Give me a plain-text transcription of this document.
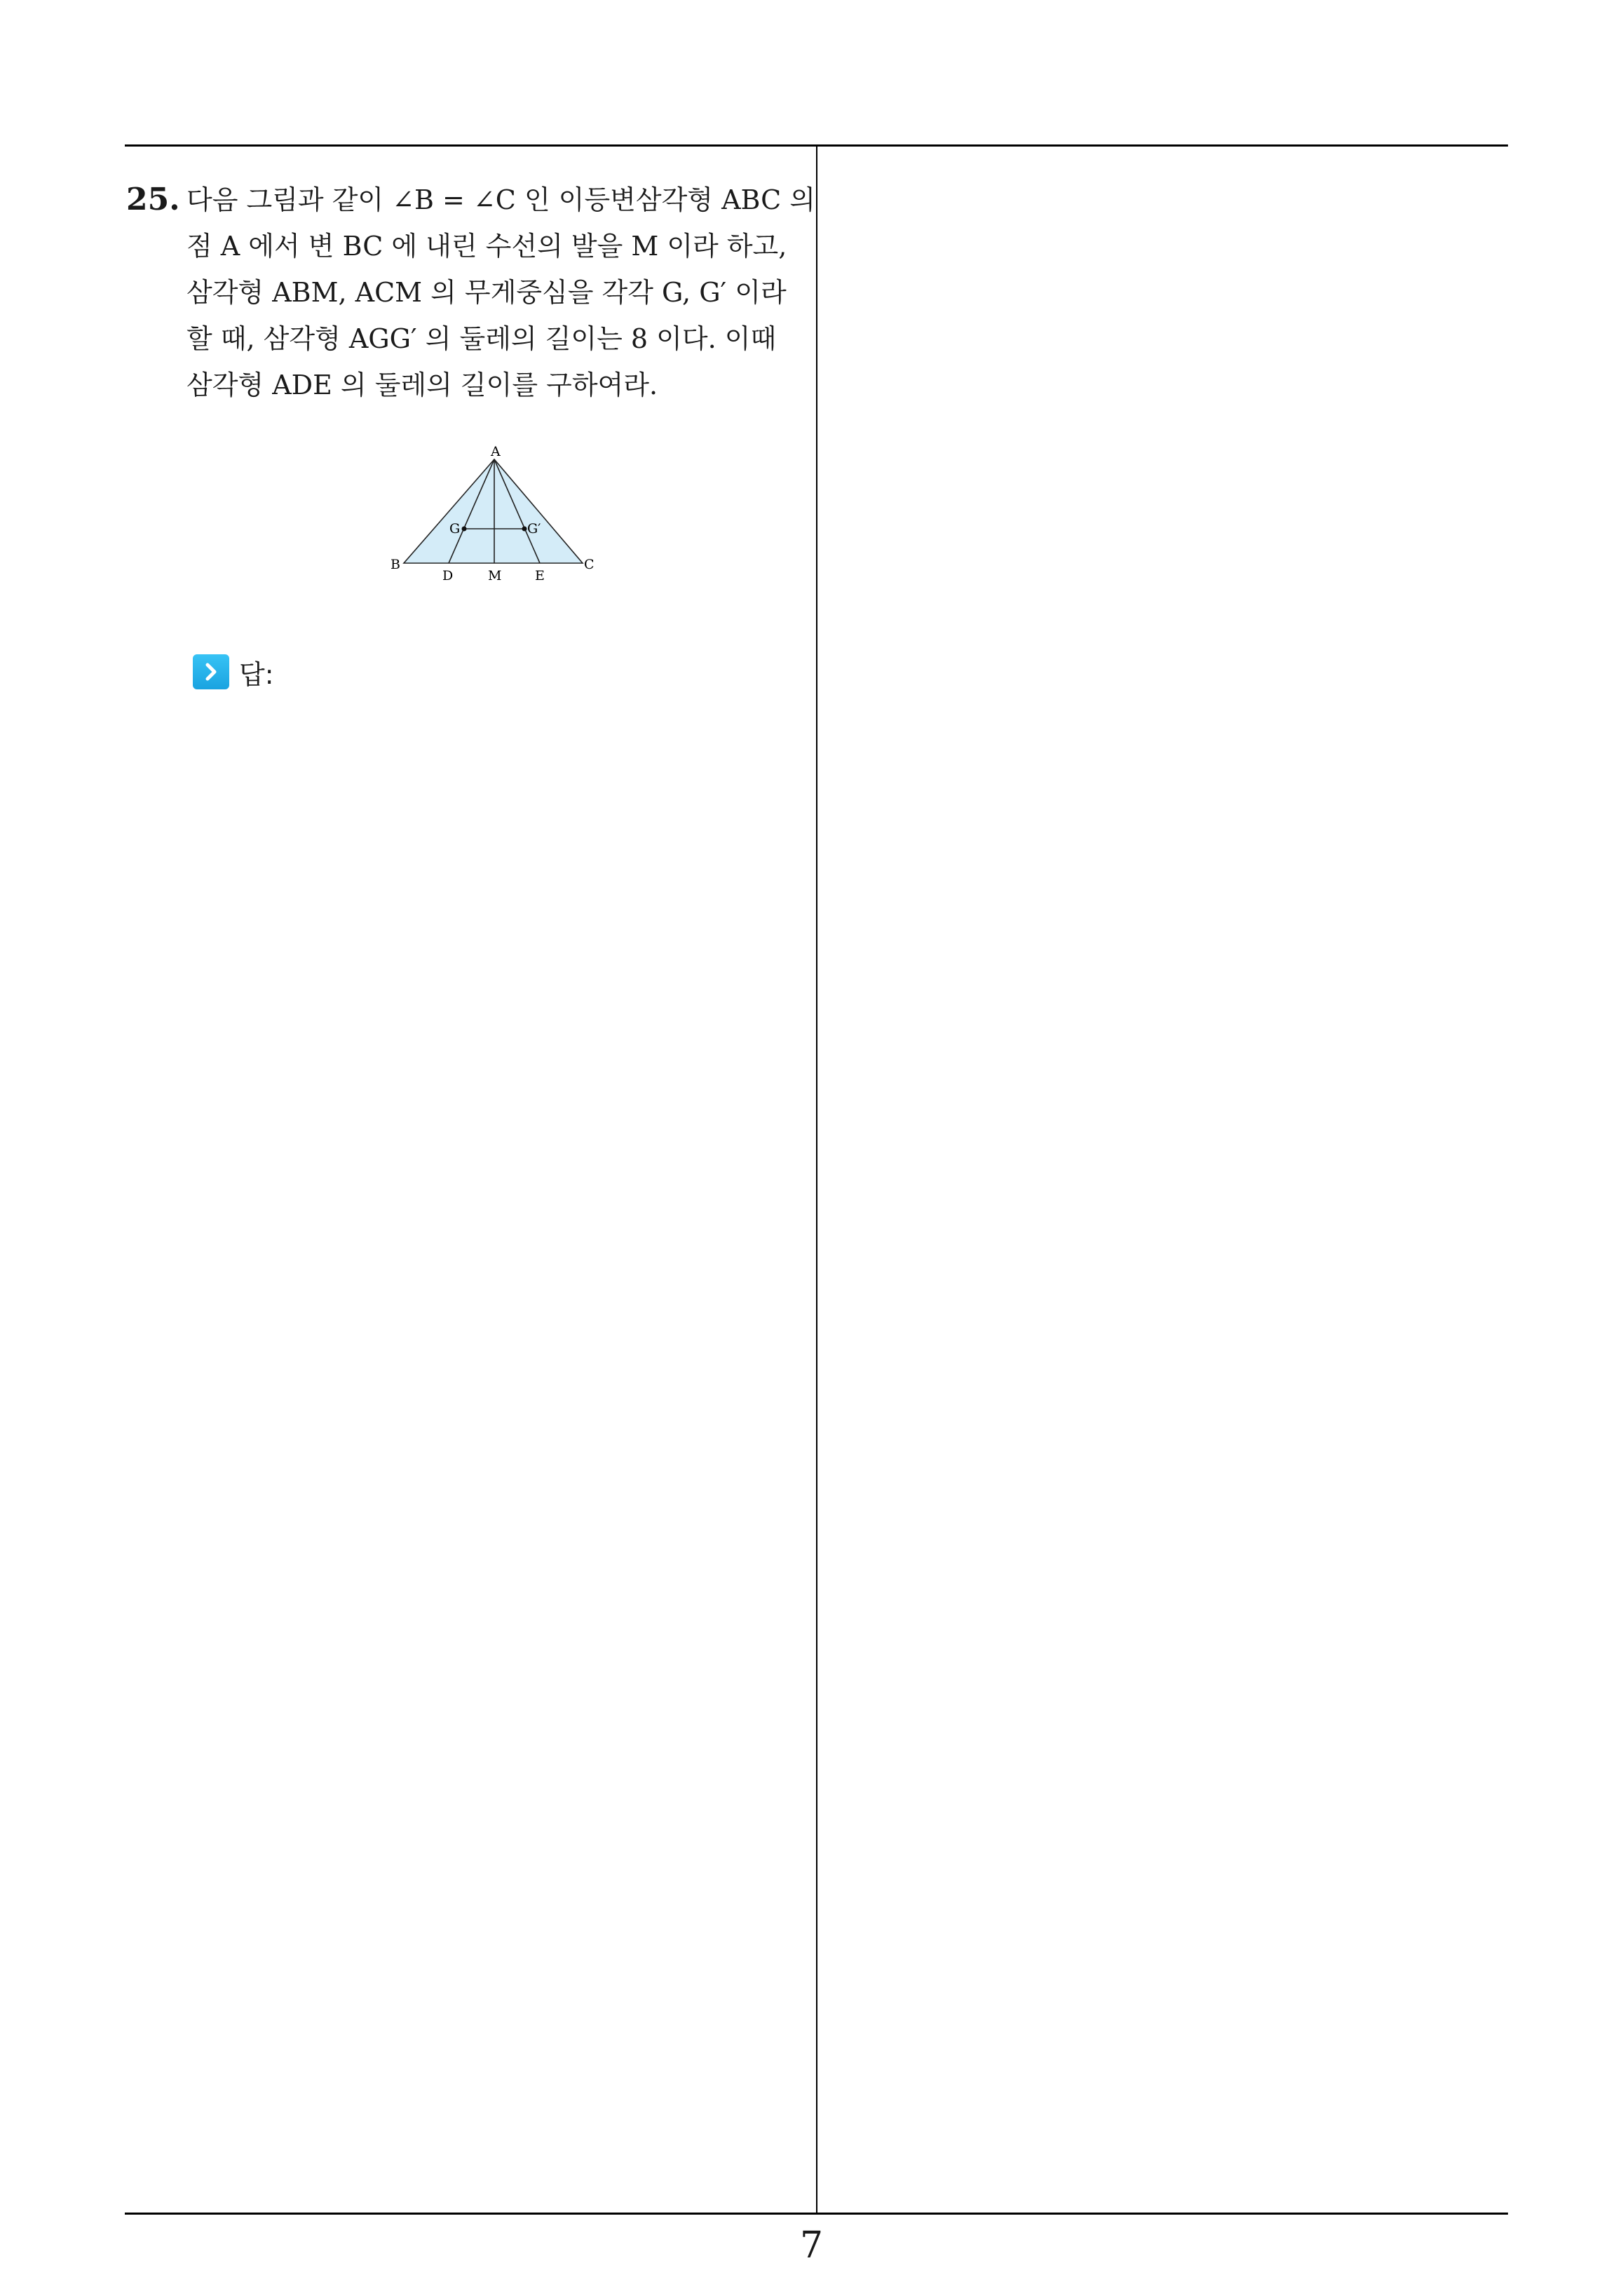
25. 다음 그림과 같이 ∠B = ∠C 인 이등변삼각형 ABC 의
점 A 에서 변 BC 에 내린 수선의 발을 M 이라 하고,
삼각형 ABM, ACM 의 무게중심을 각각 G, G′ 이라
할 때, 삼각형 AGG′ 의 둘레의 길이는 8 이다. 이때
삼각형 ADE 의 둘레의 길이를 구하여라.
A
B	C
D	M	E
G	G′
답:
7
